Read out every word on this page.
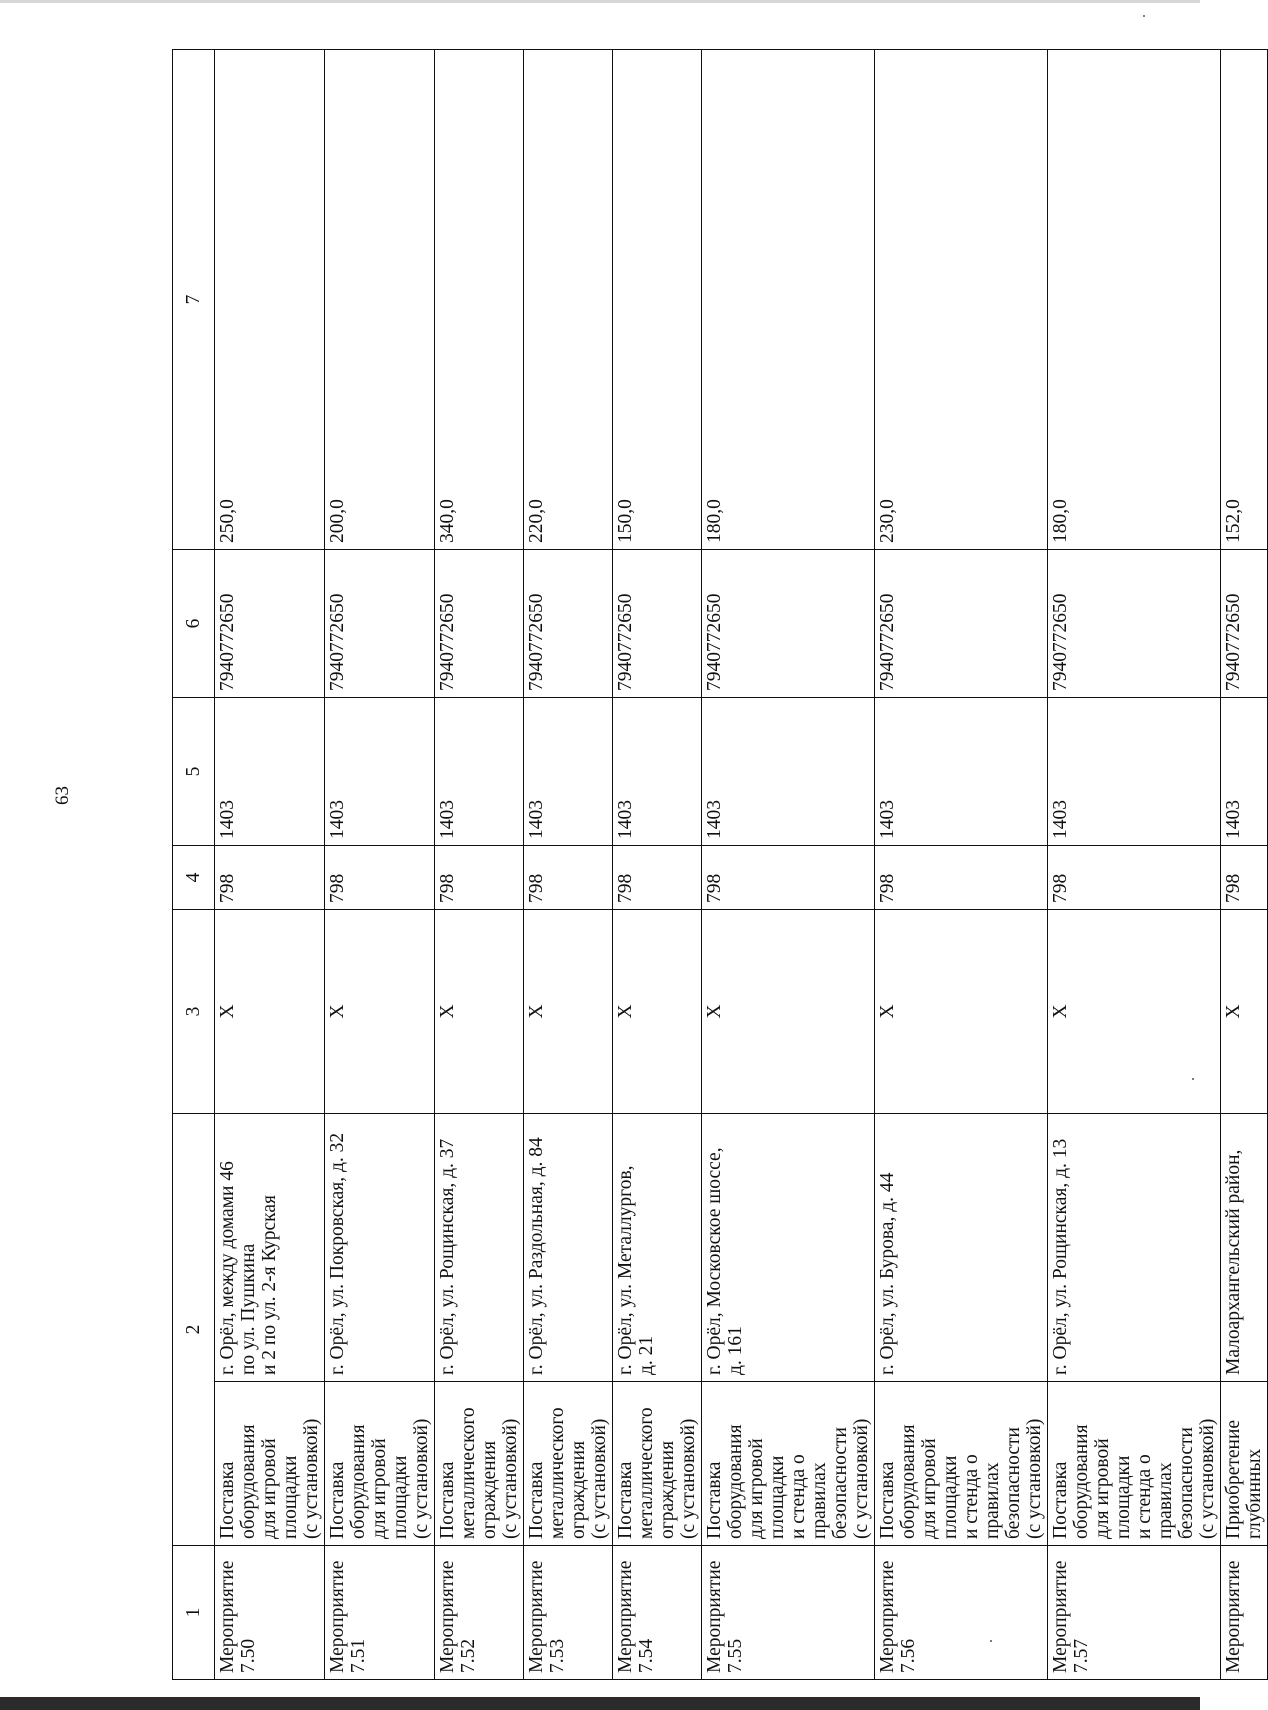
63
1	2		3	4	5	6	7
Мероприятие
7.50	Поставка оборудования
для игровой площадки
(с установкой)	г. Орёл, между домами 46
по ул. Пушкина
и 2 по ул. 2-я Курская	X	798	1403	7940772650	250,0
Мероприятие
7.51	Поставка оборудования
для игровой площадки
(с установкой)	г. Орёл, ул. Покровская, д. 32	X	798	1403	7940772650	200,0
Мероприятие
7.52	Поставка металлического
ограждения
(с установкой)	г. Орёл, ул. Рощинская, д. 37	X	798	1403	7940772650	340,0
Мероприятие
7.53	Поставка металлического
ограждения
(с установкой)	г. Орёл, ул. Раздольная, д. 84	X	798	1403	7940772650	220,0
Мероприятие
7.54	Поставка металлического
ограждения
(с установкой)	г. Орёл, ул. Металлургов,
д. 21	X	798	1403	7940772650	150,0
Мероприятие
7.55	Поставка оборудования
для игровой площадки
и стенда о правилах
безопасности
(с установкой)	г. Орёл, Московское шоссе,
д. 161	X	798	1403	7940772650	180,0
Мероприятие
7.56	Поставка оборудования
для игровой площадки
и стенда о правилах
безопасности
(с установкой)	г. Орёл, ул. Бурова, д. 44	X	798	1403	7940772650	230,0
Мероприятие
7.57	Поставка оборудования
для игровой площадки
и стенда о правилах
безопасности
(с установкой)	г. Орёл, ул. Рощинская, д. 13	X	798	1403	7940772650	180,0
Мероприятие	Приобретение глубинных	Малоархангельский район,	X	798	1403	7940772650	152,0
